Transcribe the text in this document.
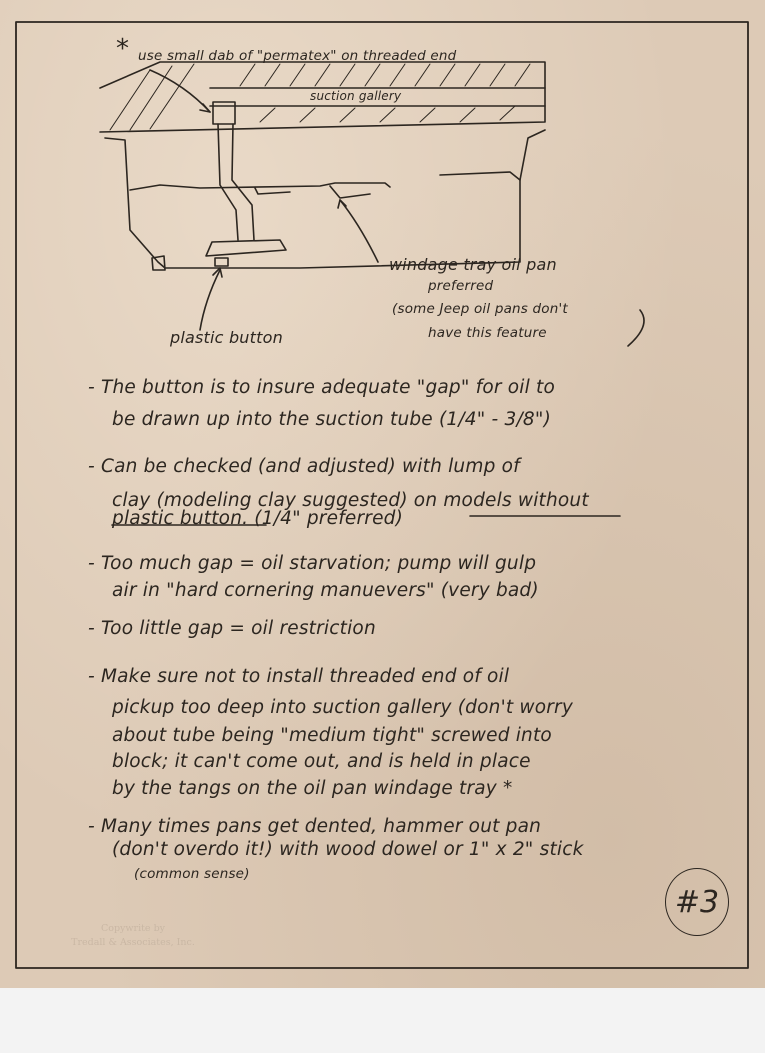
* use small dab of "permatex" on threaded end
suction gallery
windage tray oil pan
preferred
(some Jeep oil pans don't
have this feature
plastic button
- The button is to insure adequate "gap" for oil to
be drawn up into the suction tube (1/4" - 3/8")
- Can be checked (and adjusted) with lump of
clay (modeling clay suggested) on models without
plastic button. (1/4" preferred)
- Too much gap = oil starvation; pump will gulp
air in "hard cornering manuevers" (very bad)
- Too little gap = oil restriction
- Make sure not to install threaded end of oil
pickup too deep into suction gallery (don't worry
about tube being "medium tight" screwed into
block; it can't come out, and is held in place
by the tangs on the oil pan windage tray *
- Many times pans get dented, hammer out pan
(don't overdo it!) with wood dowel or 1" x 2" stick
(common sense)
Copywrite by
Tredall & Associates, Inc.
#3
